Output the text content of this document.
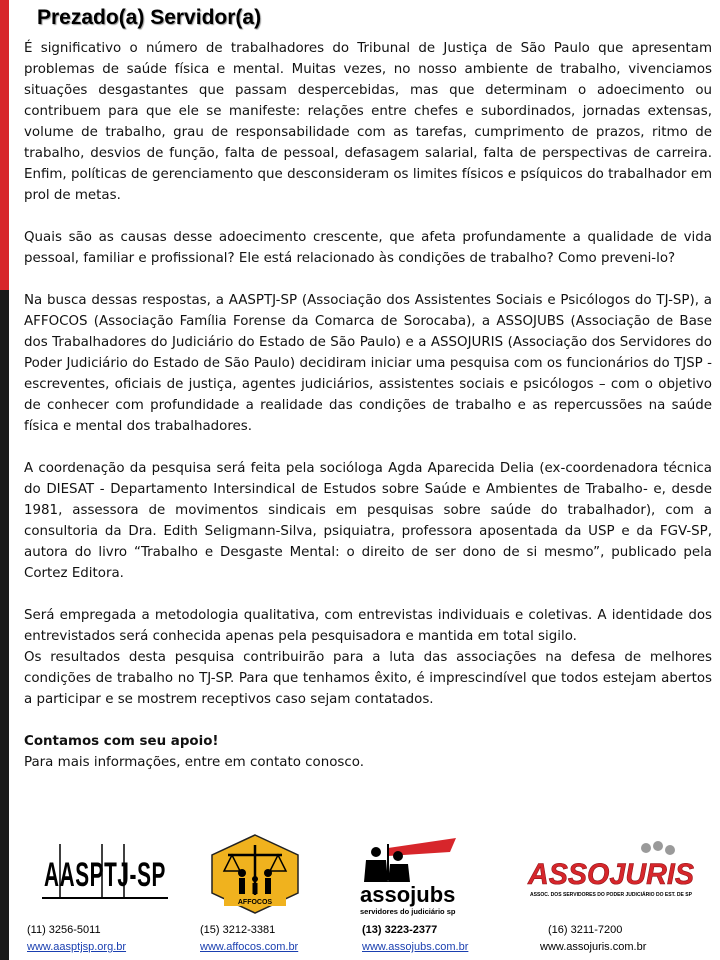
Prezado(a) Servidor(a)

É significativo o número de trabalhadores do Tribunal de Justiça de São Paulo que apresentam problemas de saúde física e mental. Muitas vezes, no nosso ambiente de trabalho, vivenciamos situações desgastantes que passam despercebidas, mas que determinam o adoecimento ou contribuem para que ele se manifeste: relações entre chefes e subordinados, jornadas extensas, volume de trabalho, grau de responsabilidade com as tarefas, cumprimento de prazos, ritmo de trabalho, desvios de função, falta de pessoal, defasagem salarial, falta de perspectivas de carreira. Enfim, políticas de gerenciamento que desconsideram os limites físicos e psíquicos do trabalhador em prol de metas.

Quais são as causas desse adoecimento crescente, que afeta profundamente a qualidade de vida pessoal, familiar e profissional? Ele está relacionado às condições de trabalho? Como preveni-lo?

Na busca dessas respostas, a AASPTJ-SP (Associação dos Assistentes Sociais e Psicólogos do TJ-SP), a AFFOCOS (Associação Família Forense da Comarca de Sorocaba), a ASSOJUBS (Associação de Base dos Trabalhadores do Judiciário do Estado de São Paulo) e a ASSOJURIS (Associação dos Servidores do Poder Judiciário do Estado de São Paulo) decidiram iniciar uma pesquisa com os funcionários do TJSP - escreventes, oficiais de justiça, agentes judiciários, assistentes sociais e psicólogos – com o objetivo de conhecer com profundidade a realidade das condições de trabalho e as repercussões na saúde física e mental dos trabalhadores.

A coordenação da pesquisa será feita pela socióloga Agda Aparecida Delia (ex-coordenadora técnica do DIESAT - Departamento Intersindical de Estudos sobre Saúde e Ambientes de Trabalho- e, desde 1981, assessora de movimentos sindicais em pesquisas sobre saúde do trabalhador), com a consultoria da Dra. Edith Seligmann-Silva, psiquiatra, professora aposentada da USP e da FGV-SP, autora do livro “Trabalho e Desgaste Mental: o direito de ser dono de si mesmo”, publicado pela Cortez Editora.

Será empregada a metodologia qualitativa, com entrevistas individuais e coletivas. A identidade dos entrevistados será conhecida apenas pela pesquisadora e mantida em total sigilo.

Os resultados desta pesquisa contribuirão para a luta das associações na defesa de melhores condições de trabalho no TJ-SP. Para que tenhamos êxito, é imprescindível que todos estejam abertos a participar e se mostrem receptivos caso sejam contatados.

Contamos com seu apoio!

Para mais informações, entre em contato conosco.

AASPTJ-SP
AFFOCOS	assojubs
servidores do judiciário sp
ASSOJURIS
ASSOC. DOS SERVIDORES DO PODER JUDICIÁRIO DO EST. DE SP
(11) 3256-5011
www.aasptjsp.org.br
(15) 3212-3381
www.affocos.com.br
(13) 3223-2377
www.assojubs.com.br
(16) 3211-7200
www.assojuris.com.br
